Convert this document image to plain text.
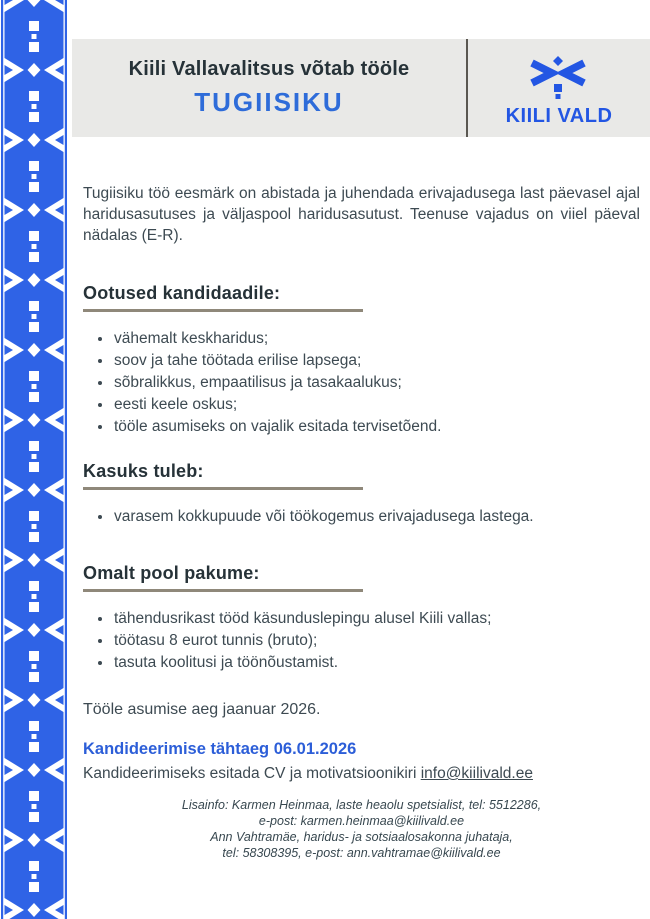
Kiili Vallavalitsus võtab tööle
TUGIISIKU	KIILI VALD

Tugiisiku töö eesmärk on abistada ja juhendada erivajadusega last päevasel ajal haridusasutuses ja väljaspool haridusasutust. Teenuse vajadus on viiel päeval nädalas (E-R).

Ootused kandidaadile:
• vähemalt keskharidus;
• soov ja tahe töötada erilise lapsega;
• sõbralikkus, empaatilisus ja tasakaalukus;
• eesti keele oskus;
• tööle asumiseks on vajalik esitada tervisetõend.
Kasuks tuleb:
• varasem kokkupuude või töökogemus erivajadusega lastega.
Omalt pool pakume:
• tähendusrikast tööd käsunduslepingu alusel Kiili vallas;
• töötasu 8 eurot tunnis (bruto);
• tasuta koolitusi ja töönõustamist.

Tööle asumise aeg jaanuar 2026.

Kandideerimise tähtaeg 06.01.2026

Kandideerimiseks esitada CV ja motivatsioonikiri info@kiilivald.ee

Lisainfo: Karmen Heinmaa, laste heaolu spetsialist, tel: 5512286,
e-post: karmen.heinmaa@kiilivald.ee
Ann Vahtramäe, haridus- ja sotsiaalosakonna juhataja,
tel: 58308395, e-post: ann.vahtramae@kiilivald.ee
